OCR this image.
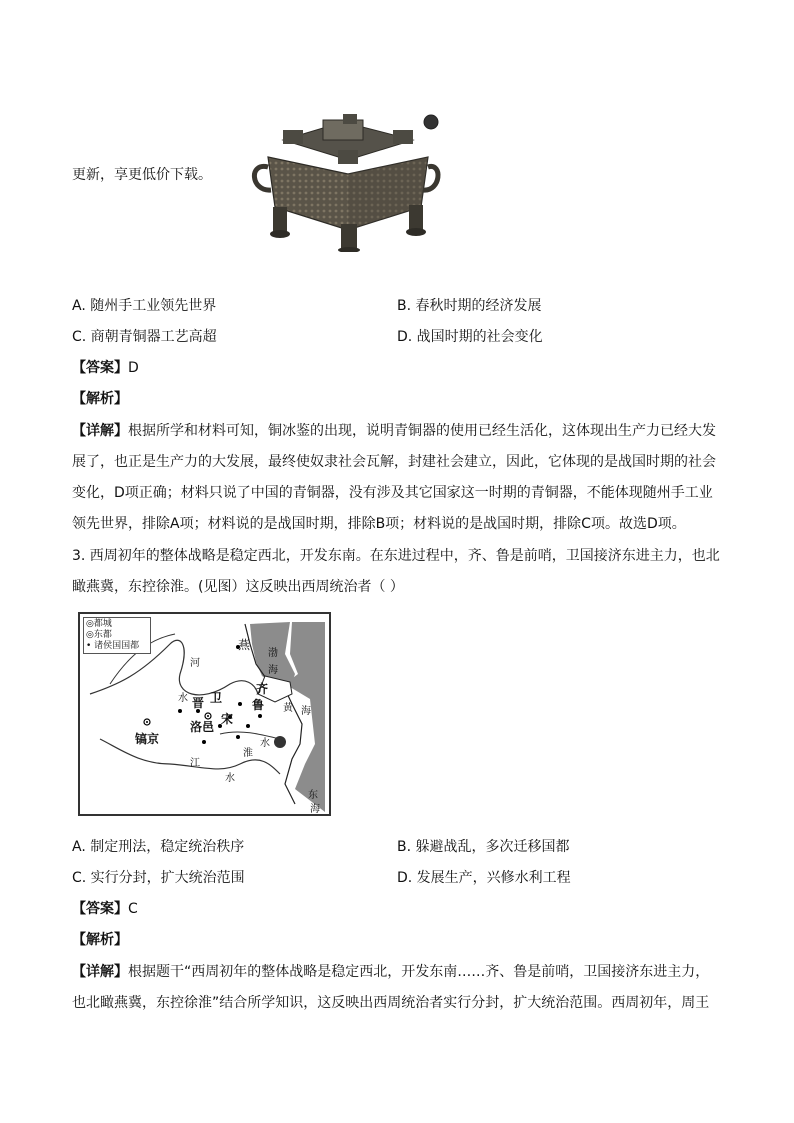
更新，享更低价下载。
A. 随州手工业领先世界	B. 春秋时期的经济发展
C. 商朝青铜器工艺高超	D. 战国时期的社会变化
【答案】D
【解析】
【详解】根据所学和材料可知，铜冰鉴的出现，说明青铜器的使用已经生活化，这体现出生产力已经大发
展了，也正是生产力的大发展，最终使奴隶社会瓦解，封建社会建立，因此，它体现的是战国时期的社会
变化，D项正确；材料只说了中国的青铜器，没有涉及其它国家这一时期的青铜器，不能体现随州手工业
领先世界，排除A项；材料说的是战国时期，排除B项；材料说的是战国时期，排除C项。故选D项。
3. 西周初年的整体战略是稳定西北，开发东南。在东进过程中，齐、鲁是前哨，卫国接济东进主力，也北
瞰燕冀，东控徐淮。(见图）这反映出西周统治者（ ）
◎都城
◎东都
• 诸侯国国都	燕
晋 卫
齐
鲁
宋
洛邑
镐京
河
水
渤
海
黄 海
淮
水
江
水
东
海
A. 制定刑法，稳定统治秩序	B. 躲避战乱，多次迁移国都
C. 实行分封，扩大统治范围	D. 发展生产，兴修水利工程
【答案】C
【解析】
【详解】根据题干“西周初年的整体战略是稳定西北，开发东南……齐、鲁是前哨，卫国接济东进主力，
也北瞰燕冀，东控徐淮”结合所学知识，这反映出西周统治者实行分封，扩大统治范围。西周初年，周王
